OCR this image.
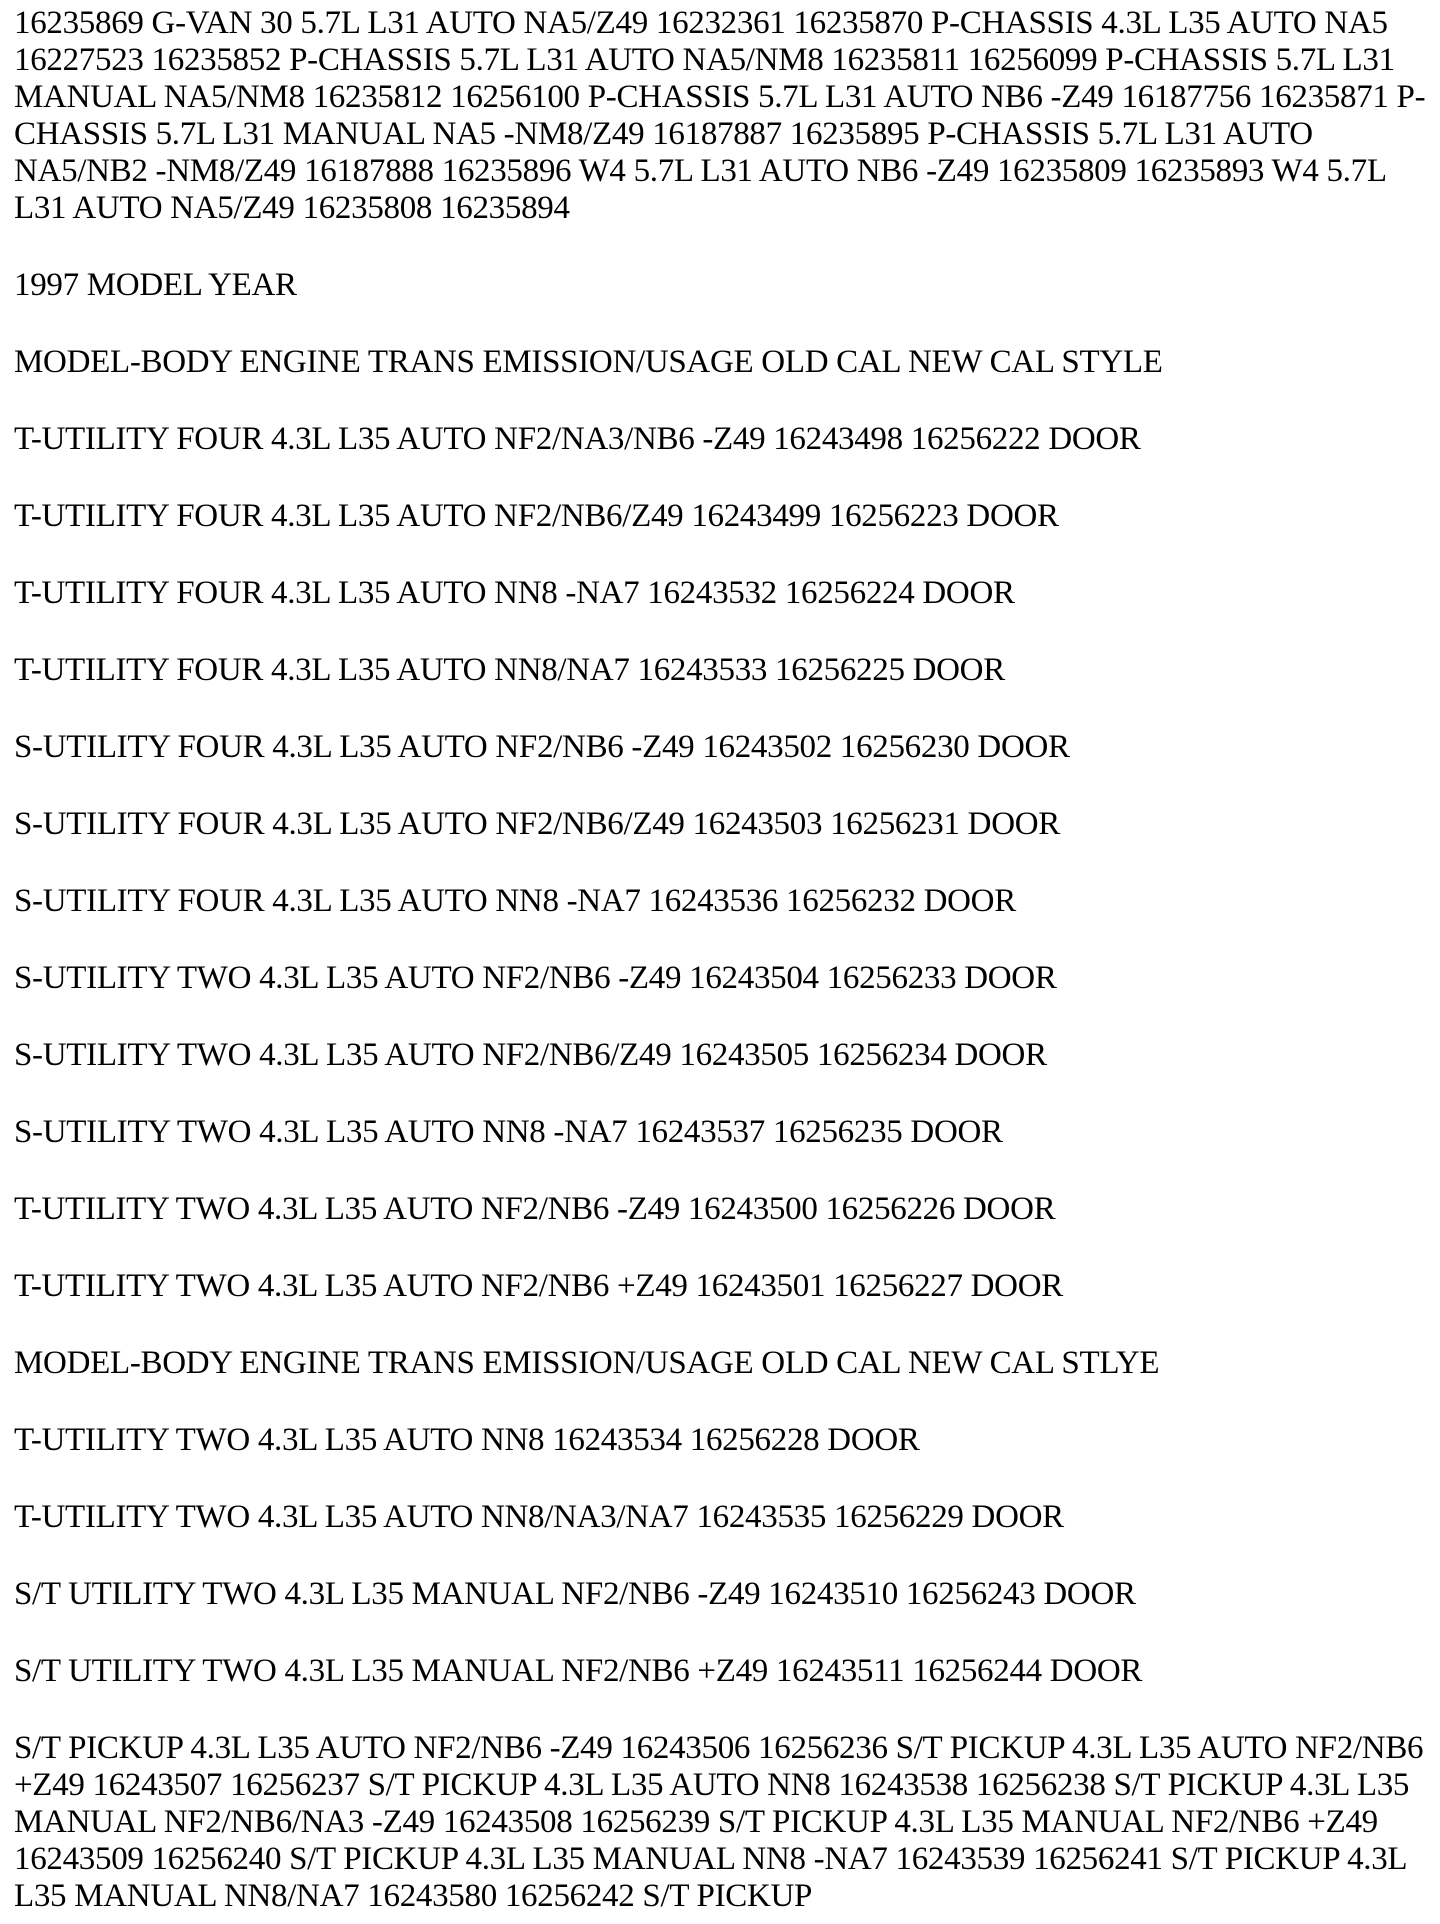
16235869 G-VAN 30 5.7L L31 AUTO NA5/Z49 16232361 16235870 P-CHASSIS 4.3L L35 AUTO NA5 16227523 16235852 P-CHASSIS 5.7L L31 AUTO NA5/NM8 16235811 16256099 P-CHASSIS 5.7L L31 MANUAL NA5/NM8 16235812 16256100 P-CHASSIS 5.7L L31 AUTO NB6 -Z49 16187756 16235871 P-CHASSIS 5.7L L31 MANUAL NA5 -NM8/Z49 16187887 16235895 P-CHASSIS 5.7L L31 AUTO NA5/NB2 -NM8/Z49 16187888 16235896 W4 5.7L L31 AUTO NB6 -Z49 16235809 16235893 W4 5.7L L31 AUTO NA5/Z49 16235808 16235894

1997 MODEL YEAR

MODEL-BODY ENGINE TRANS EMISSION/USAGE OLD CAL NEW CAL STYLE

T-UTILITY FOUR 4.3L L35 AUTO NF2/NA3/NB6 -Z49 16243498 16256222 DOOR

T-UTILITY FOUR 4.3L L35 AUTO NF2/NB6/Z49 16243499 16256223 DOOR

T-UTILITY FOUR 4.3L L35 AUTO NN8 -NA7 16243532 16256224 DOOR

T-UTILITY FOUR 4.3L L35 AUTO NN8/NA7 16243533 16256225 DOOR

S-UTILITY FOUR 4.3L L35 AUTO NF2/NB6 -Z49 16243502 16256230 DOOR

S-UTILITY FOUR 4.3L L35 AUTO NF2/NB6/Z49 16243503 16256231 DOOR

S-UTILITY FOUR 4.3L L35 AUTO NN8 -NA7 16243536 16256232 DOOR

S-UTILITY TWO 4.3L L35 AUTO NF2/NB6 -Z49 16243504 16256233 DOOR

S-UTILITY TWO 4.3L L35 AUTO NF2/NB6/Z49 16243505 16256234 DOOR

S-UTILITY TWO 4.3L L35 AUTO NN8 -NA7 16243537 16256235 DOOR

T-UTILITY TWO 4.3L L35 AUTO NF2/NB6 -Z49 16243500 16256226 DOOR

T-UTILITY TWO 4.3L L35 AUTO NF2/NB6 +Z49 16243501 16256227 DOOR

MODEL-BODY ENGINE TRANS EMISSION/USAGE OLD CAL NEW CAL STLYE

T-UTILITY TWO 4.3L L35 AUTO NN8 16243534 16256228 DOOR

T-UTILITY TWO 4.3L L35 AUTO NN8/NA3/NA7 16243535 16256229 DOOR

S/T UTILITY TWO 4.3L L35 MANUAL NF2/NB6 -Z49 16243510 16256243 DOOR

S/T UTILITY TWO 4.3L L35 MANUAL NF2/NB6 +Z49 16243511 16256244 DOOR

S/T PICKUP 4.3L L35 AUTO NF2/NB6 -Z49 16243506 16256236 S/T PICKUP 4.3L L35 AUTO NF2/NB6 +Z49 16243507 16256237 S/T PICKUP 4.3L L35 AUTO NN8 16243538 16256238 S/T PICKUP 4.3L L35 MANUAL NF2/NB6/NA3 -Z49 16243508 16256239 S/T PICKUP 4.3L L35 MANUAL NF2/NB6 +Z49 16243509 16256240 S/T PICKUP 4.3L L35 MANUAL NN8 -NA7 16243539 16256241 S/T PICKUP 4.3L L35 MANUAL NN8/NA7 16243580 16256242 S/T PICKUP
